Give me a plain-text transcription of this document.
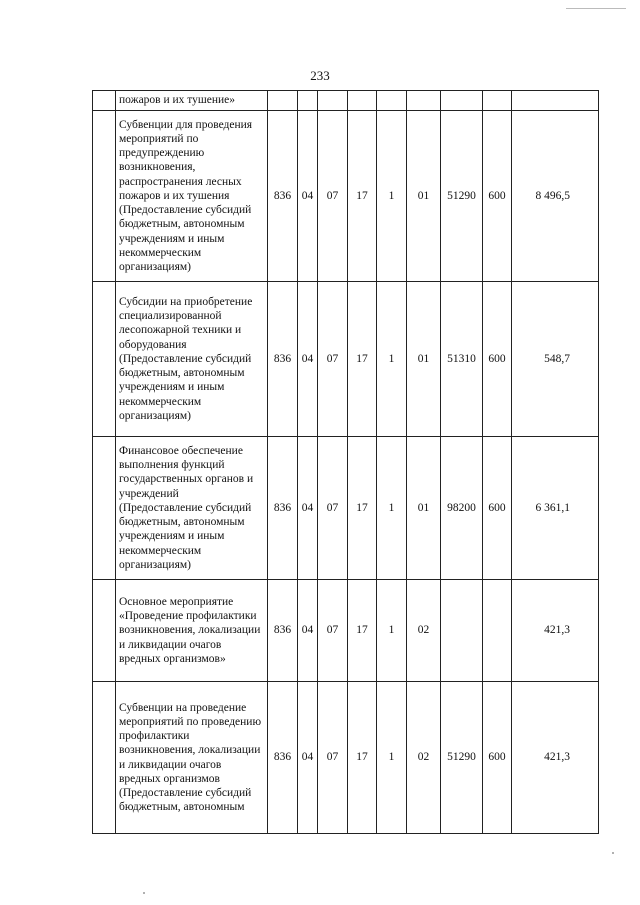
233
	пожаров и их тушение»									
	Субвенции для проведения мероприятий по предупреждению возникновения, распространения лесных пожаров и их тушения (Предоставление субсидий бюджетным, автономным учреждениям и иным некоммерческим организациям)	836	04	07	17	1	01	51290	600	8 496,5
	Субсидии на приобретение специализированной лесопожарной техники и оборудования (Предоставление субсидий бюджетным, автономным учреждениям и иным некоммерческим организациям)	836	04	07	17	1	01	51310	600	548,7
	Финансовое обеспечение выполнения функций государственных органов и учреждений (Предоставление субсидий бюджетным, автономным учреждениям и иным некоммерческим организациям)	836	04	07	17	1	01	98200	600	6 361,1
	Основное мероприятие «Проведение профилактики возникновения, локализации и ликвидации очагов вредных организмов»	836	04	07	17	1	02			421,3
	Субвенции на проведение мероприятий по проведению профилактики возникновения, локализации и ликвидации очагов вредных организмов (Предоставление субсидий бюджетным, автономным	836	04	07	17	1	02	51290	600	421,3
